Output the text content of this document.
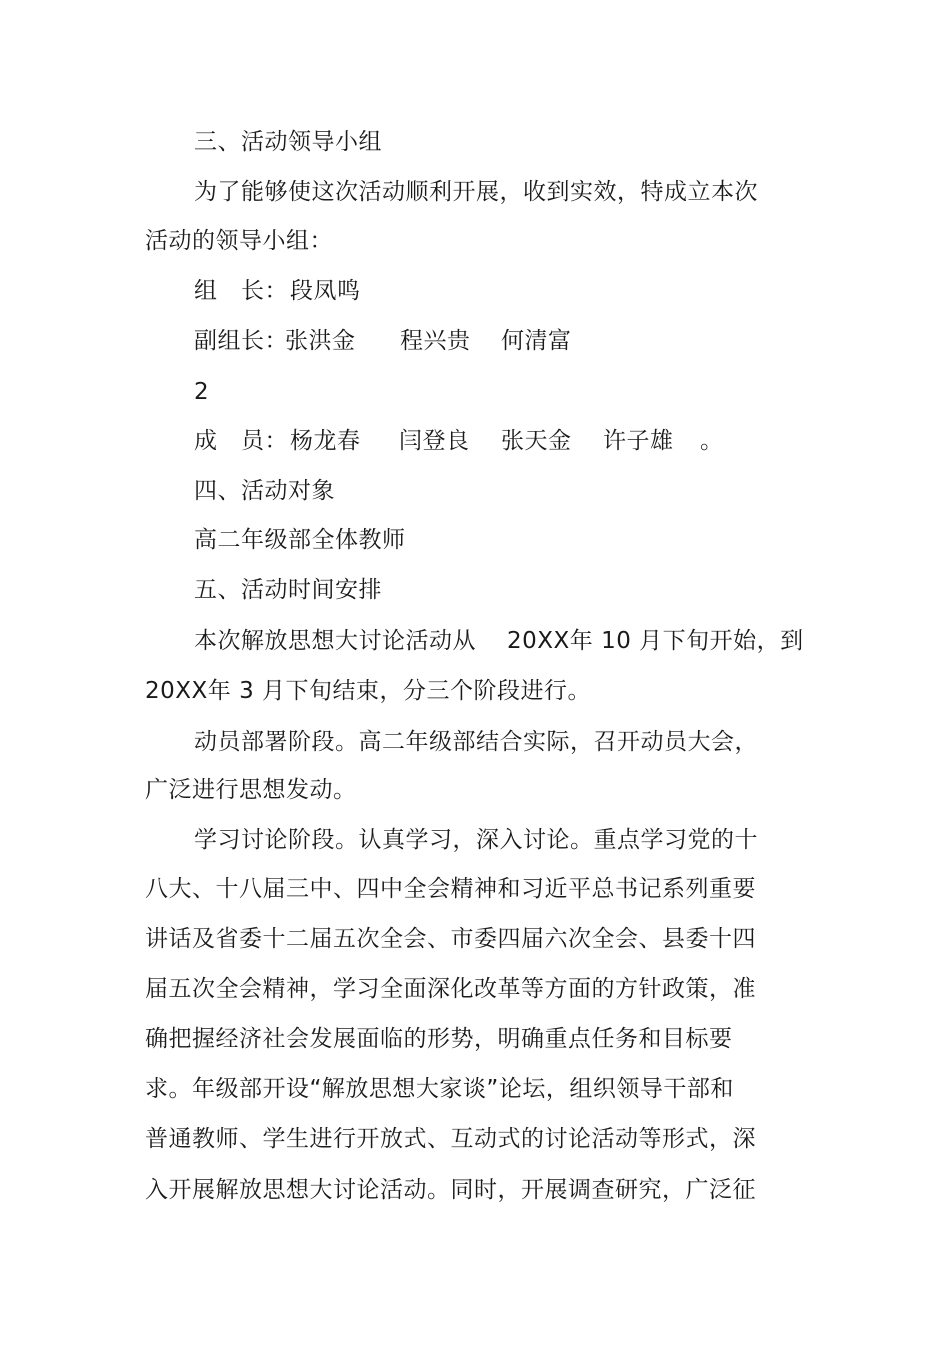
三、活动领导小组
为了能够使这次活动顺利开展，收到实效，特成立本次
活动的领导小组：
组　长： 段凤鸣
副组长：
张洪金 程兴贵 何清富
2
成　员： 杨龙春 闫登良 张天金 许子雄 。
四、活动对象
高二年级部全体教师
五、活动时间安排
本次解放思想大讨论活动从 20XX年 10 月下旬开始，到
20XX年 3 月下旬结束，分三个阶段进行。
动员部署阶段。高二年级部结合实际，召开动员大会，
广泛进行思想发动。
学习讨论阶段。认真学习，深入讨论。重点学习党的十
八大、十八届三中、四中全会精神和习近平总书记系列重要
讲话及省委十二届五次全会、市委四届六次全会、县委十四
届五次全会精神，学习全面深化改革等方面的方针政策，准
确把握经济社会发展面临的形势，明确重点任务和目标要
求。年级部开设“解放思想大家谈”论坛，组织领导干部和
普通教师、学生进行开放式、互动式的讨论活动等形式，深
入开展解放思想大讨论活动。同时，开展调查研究，广泛征
